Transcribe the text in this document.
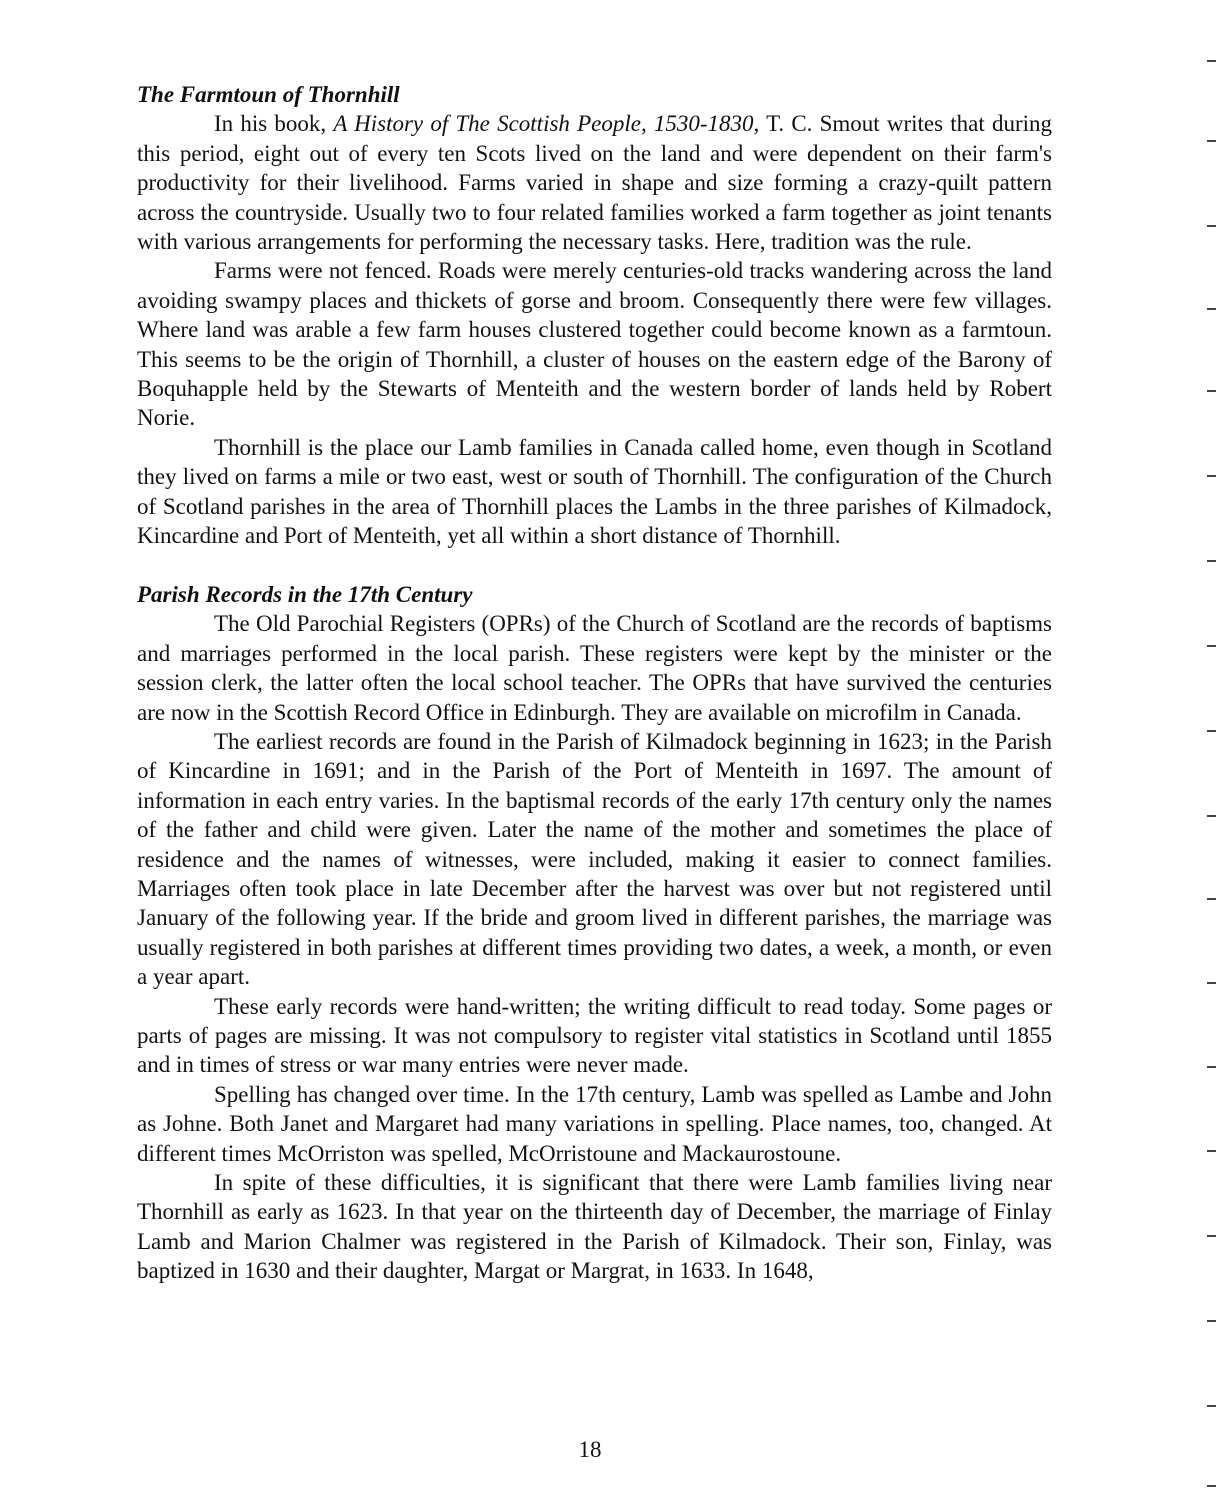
The Farmtoun of Thornhill

In his book, A History of The Scottish People, 1530-1830, T. C. Smout writes that during this period, eight out of every ten Scots lived on the land and were dependent on their farm's productivity for their livelihood. Farms varied in shape and size forming a crazy-quilt pattern across the countryside. Usually two to four related families worked a farm together as joint tenants with various arrangements for performing the necessary tasks. Here, tradition was the rule.

Farms were not fenced. Roads were merely centuries-old tracks wandering across the land avoiding swampy places and thickets of gorse and broom. Consequently there were few villages. Where land was arable a few farm houses clustered together could become known as a farmtoun. This seems to be the origin of Thornhill, a cluster of houses on the eastern edge of the Barony of Boquhapple held by the Stewarts of Menteith and the western border of lands held by Robert Norie.

Thornhill is the place our Lamb families in Canada called home, even though in Scotland they lived on farms a mile or two east, west or south of Thornhill. The configuration of the Church of Scotland parishes in the area of Thornhill places the Lambs in the three parishes of Kilmadock, Kincardine and Port of Menteith, yet all within a short distance of Thornhill.

Parish Records in the 17th Century

The Old Parochial Registers (OPRs) of the Church of Scotland are the records of baptisms and marriages performed in the local parish. These registers were kept by the minister or the session clerk, the latter often the local school teacher. The OPRs that have survived the centuries are now in the Scottish Record Office in Edinburgh. They are available on microfilm in Canada.

The earliest records are found in the Parish of Kilmadock beginning in 1623; in the Parish of Kincardine in 1691; and in the Parish of the Port of Menteith in 1697. The amount of information in each entry varies. In the baptismal records of the early 17th century only the names of the father and child were given. Later the name of the mother and sometimes the place of residence and the names of witnesses, were included, making it easier to connect families. Marriages often took place in late December after the harvest was over but not registered until January of the following year. If the bride and groom lived in different parishes, the marriage was usually registered in both parishes at different times providing two dates, a week, a month, or even a year apart.

These early records were hand-written; the writing difficult to read today. Some pages or parts of pages are missing. It was not compulsory to register vital statistics in Scotland until 1855 and in times of stress or war many entries were never made.

Spelling has changed over time. In the 17th century, Lamb was spelled as Lambe and John as Johne. Both Janet and Margaret had many variations in spelling. Place names, too, changed. At different times McOrriston was spelled, McOrristoune and Mackaurostoune.

In spite of these difficulties, it is significant that there were Lamb families living near Thornhill as early as 1623. In that year on the thirteenth day of December, the marriage of Finlay Lamb and Marion Chalmer was registered in the Parish of Kilmadock. Their son, Finlay, was baptized in 1630 and their daughter, Margat or Margrat, in 1633. In 1648,

18
